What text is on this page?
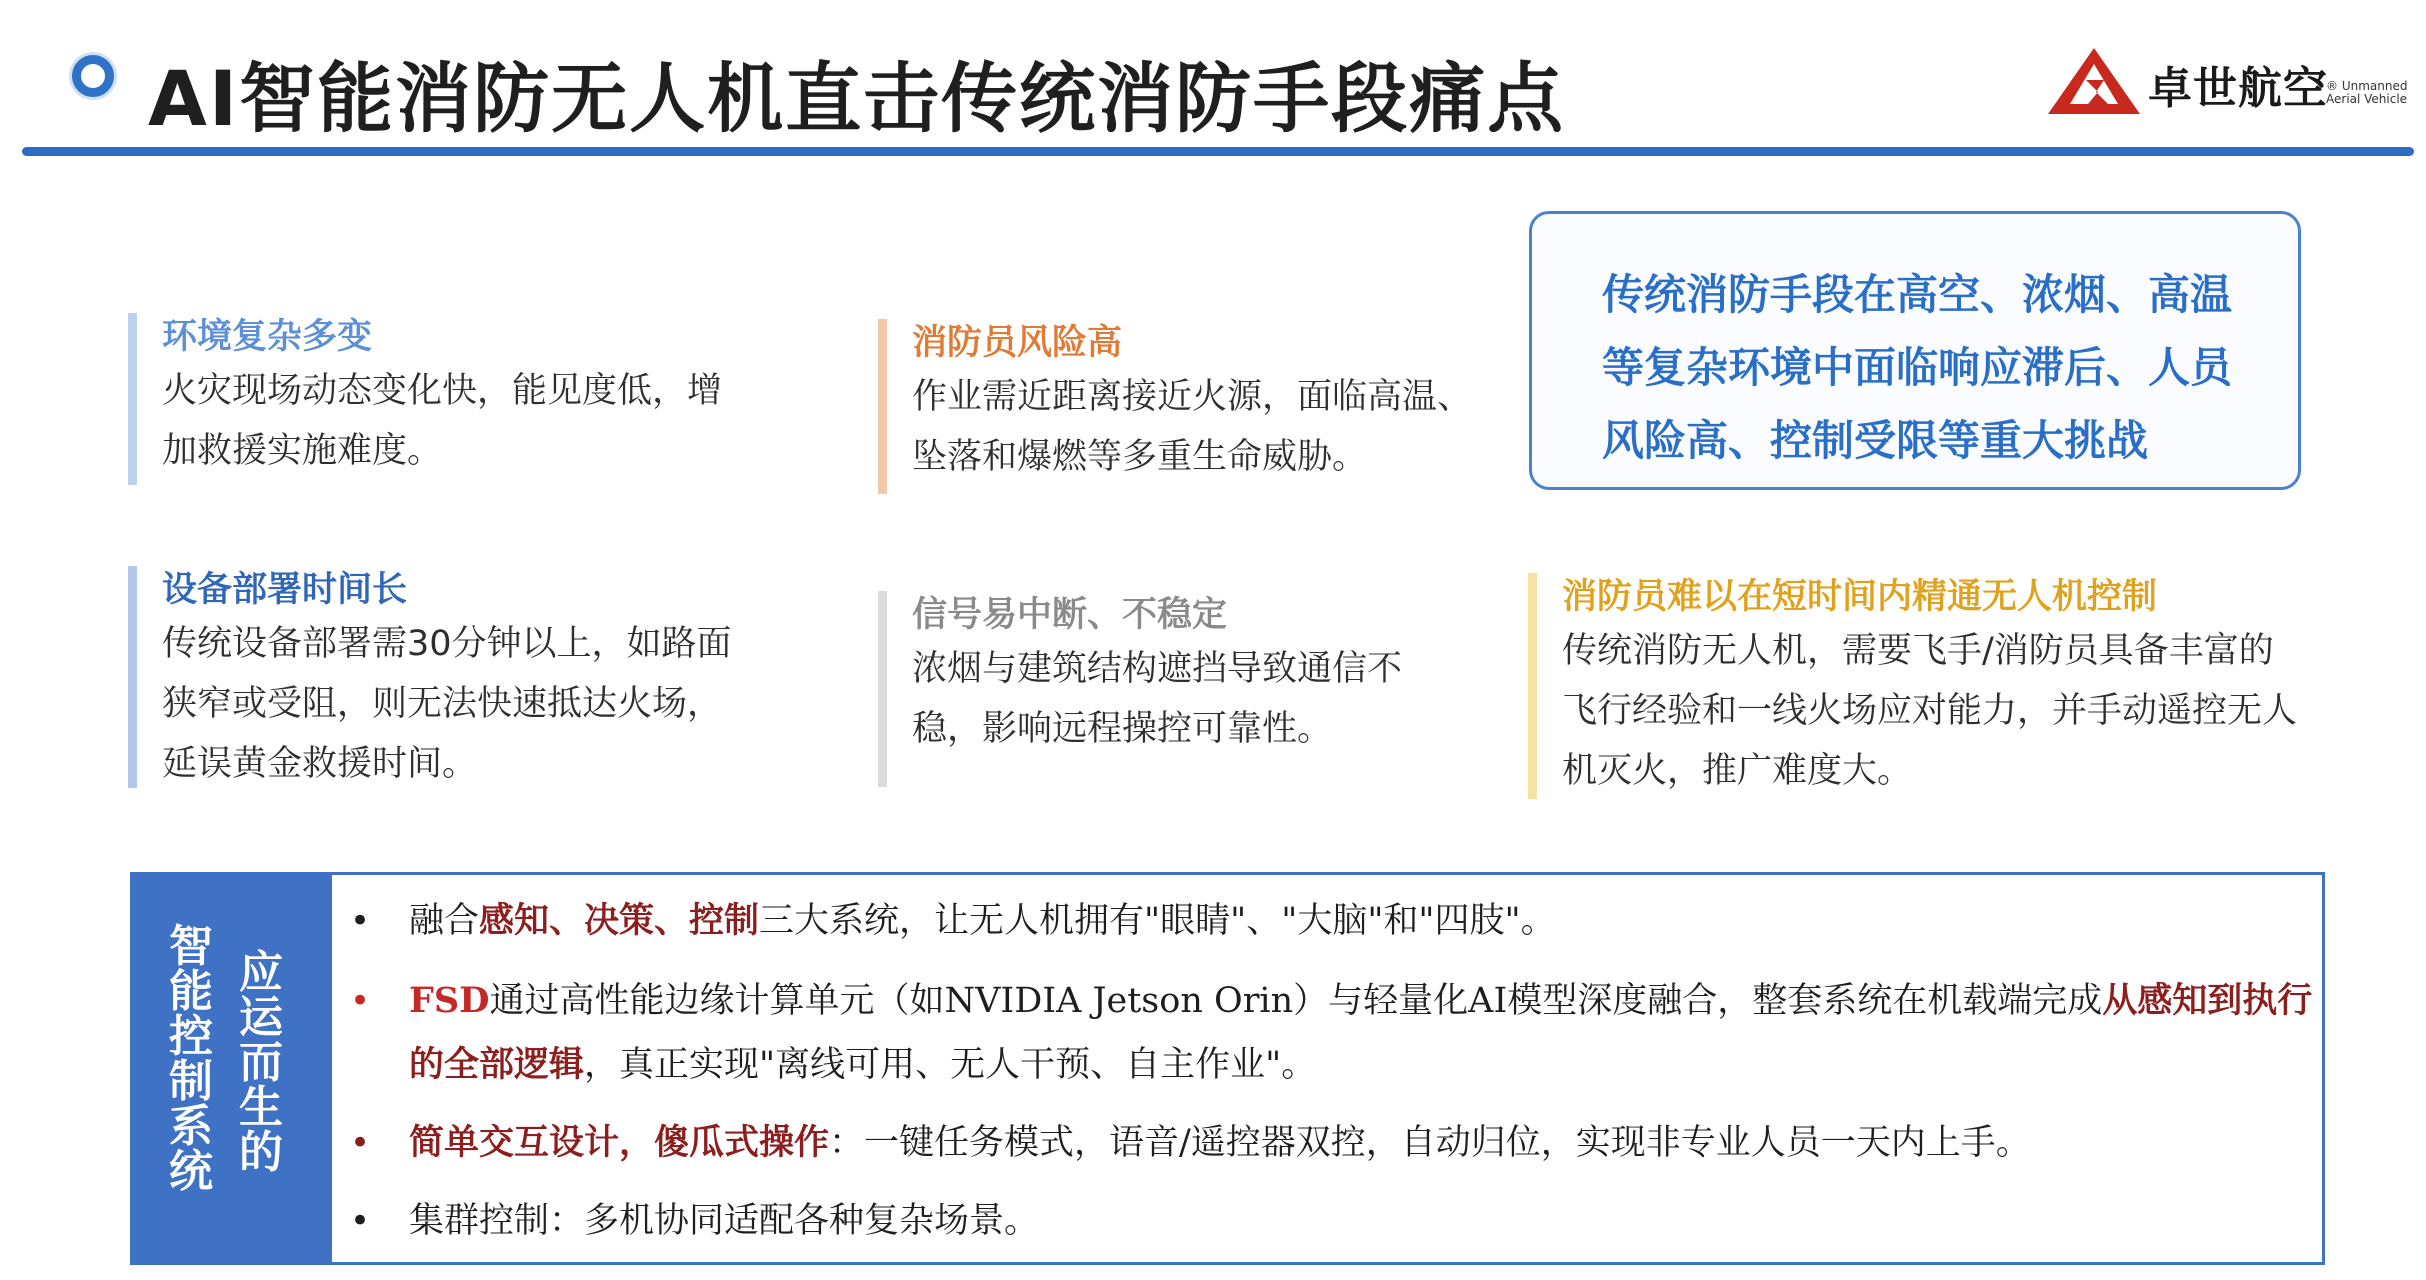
AI智能消防无人机直击传统消防手段痛点	卓世航空
® Unmanned Aerial Vehicle
环境复杂多变
火灾现场动态变化快，能见度低，增加救援实施难度。
消防员风险高
作业需近距离接近火源，面临高温、坠落和爆燃等多重生命威胁。
设备部署时间长
传统设备部署需30分钟以上，如路面狭窄或受阻，则无法快速抵达火场，延误黄金救援时间。
信号易中断、不稳定
浓烟与建筑结构遮挡导致通信不稳，影响远程操控可靠性。
消防员难以在短时间内精通无人机控制
传统消防无人机，需要飞手/消防员具备丰富的飞行经验和一线火场应对能力，并手动遥控无人机灭火，推广难度大。
传统消防手段在高空、浓烟、高温等复杂环境中面临响应滞后、人员风险高、控制受限等重大挑战
智能控制系统
应运而生的
• 融合感知、决策、控制三大系统，让无人机拥有"眼睛"、"大脑"和"四肢"。
• FSD通过高性能边缘计算单元（如NVIDIA Jetson Orin）与轻量化AI模型深度融合，整套系统在机载端完成从感知到执行的全部逻辑，真正实现"离线可用、无人干预、自主作业"。
• 简单交互设计，傻瓜式操作：一键任务模式，语音/遥控器双控，自动归位，实现非专业人员一天内上手。
• 集群控制：多机协同适配各种复杂场景。
